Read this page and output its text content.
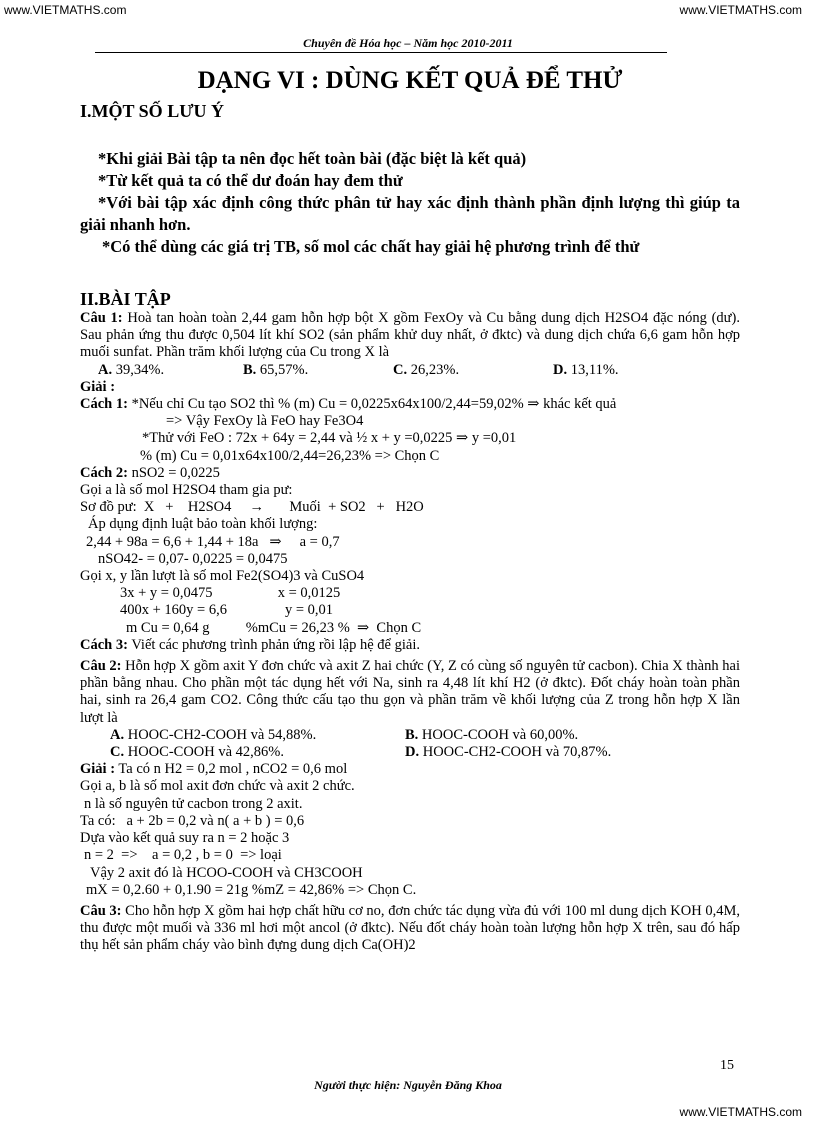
www.VIETMATHS.com	www.VIETMATHS.com
Chuyên đề Hóa học – Năm học 2010-2011
DẠNG VI : DÙNG KẾT QUẢ ĐỂ THỬ
I.MỘT SỐ LƯU Ý
*Khi giải Bài tập ta nên đọc hết toàn bài (đặc biệt là kết quả)
*Từ kết quả ta có thể dư đoán hay đem thử
*Với bài tập xác định công thức phân tử hay xác định thành phần định lượng thì giúp ta giải nhanh hơn.
*Có thể dùng các giá trị TB, số mol các chất hay giải hệ phương trình để thử
II.BÀI TẬP
Câu 1: Hoà tan hoàn toàn 2,44 gam hỗn hợp bột X gồm FexOy và Cu bằng dung dịch H2SO4 đặc nóng (dư). Sau phản ứng thu được 0,504 lít khí SO2 (sản phẩm khử duy nhất, ở đktc) và dung dịch chứa 6,6 gam hỗn hợp muối sunfat. Phần trăm khối lượng của Cu trong X là
A. 39,34%.	B. 65,57%.	C. 26,23%.	D. 13,11%.
Giải :
Cách 1: *Nếu chỉ Cu tạo SO2 thì % (m) Cu = 0,0225x64x100/2,44=59,02% ⇒ khác kết quả
=> Vậy FexOy là FeO hay Fe3O4
*Thử với FeO : 72x + 64y = 2,44 và ½ x + y =0,0225 ⇒ y =0,01
% (m) Cu = 0,01x64x100/2,44=26,23% => Chọn C
Cách 2: nSO2 = 0,0225
Gọi a là số mol H2SO4 tham gia pư:
Sơ đồ pư:  X   +    H2SO4     →       Muối  + SO2   +   H2O
Áp dụng định luật bảo toàn khối lượng:
2,44 + 98a = 6,6 + 1,44 + 18a   ⇒     a = 0,7
nSO42- = 0,07- 0,0225 = 0,0475
Gọi x, y lần lượt là số mol Fe2(SO4)3 và CuSO4
3x + y = 0,0475                  x = 0,0125
400x + 160y = 6,6                y = 0,01
m Cu = 0,64 g          %mCu = 26,23 %  ⇒  Chọn C
Cách 3: Viết các phương trình phản ứng rồi lập hệ để giải.
Câu 2: Hỗn hợp X gồm axit Y đơn chức và axit Z hai chức (Y, Z có cùng số nguyên tử cacbon). Chia X thành hai phần bằng nhau. Cho phần một tác dụng hết với Na, sinh ra 4,48 lít khí H2 (ở đktc). Đốt cháy hoàn toàn phần hai, sinh ra 26,4 gam CO2. Công thức cấu tạo thu gọn và phần trăm về khối lượng của Z trong hỗn hợp X lần lượt là
A. HOOC-CH2-COOH và 54,88%.	B. HOOC-COOH và 60,00%.
C. HOOC-COOH và 42,86%.	D. HOOC-CH2-COOH và 70,87%.
Giải : Ta có n H2 = 0,2 mol , nCO2 = 0,6 mol
Gọi a, b là số mol axit đơn chức và axit 2 chức.
n là số nguyên tử cacbon trong 2 axit.
Ta có:   a + 2b = 0,2 và n( a + b ) = 0,6
Dựa vào kết quả suy ra n = 2 hoặc 3
n = 2  =>    a = 0,2 , b = 0  => loại
Vậy 2 axit đó là HCOO-COOH và CH3COOH
mX = 0,2.60 + 0,1.90 = 21g %mZ = 42,86% => Chọn C.
Câu 3: Cho hỗn hợp X gồm hai hợp chất hữu cơ no, đơn chức tác dụng vừa đủ với 100 ml dung dịch KOH 0,4M, thu được một muối và 336 ml hơi một ancol (ở đktc). Nếu đốt cháy hoàn toàn lượng hỗn hợp X trên, sau đó hấp thụ hết sản phẩm cháy vào bình đựng dung dịch Ca(OH)2
15
Người thực hiện: Nguyễn Đăng Khoa
www.VIETMATHS.com
